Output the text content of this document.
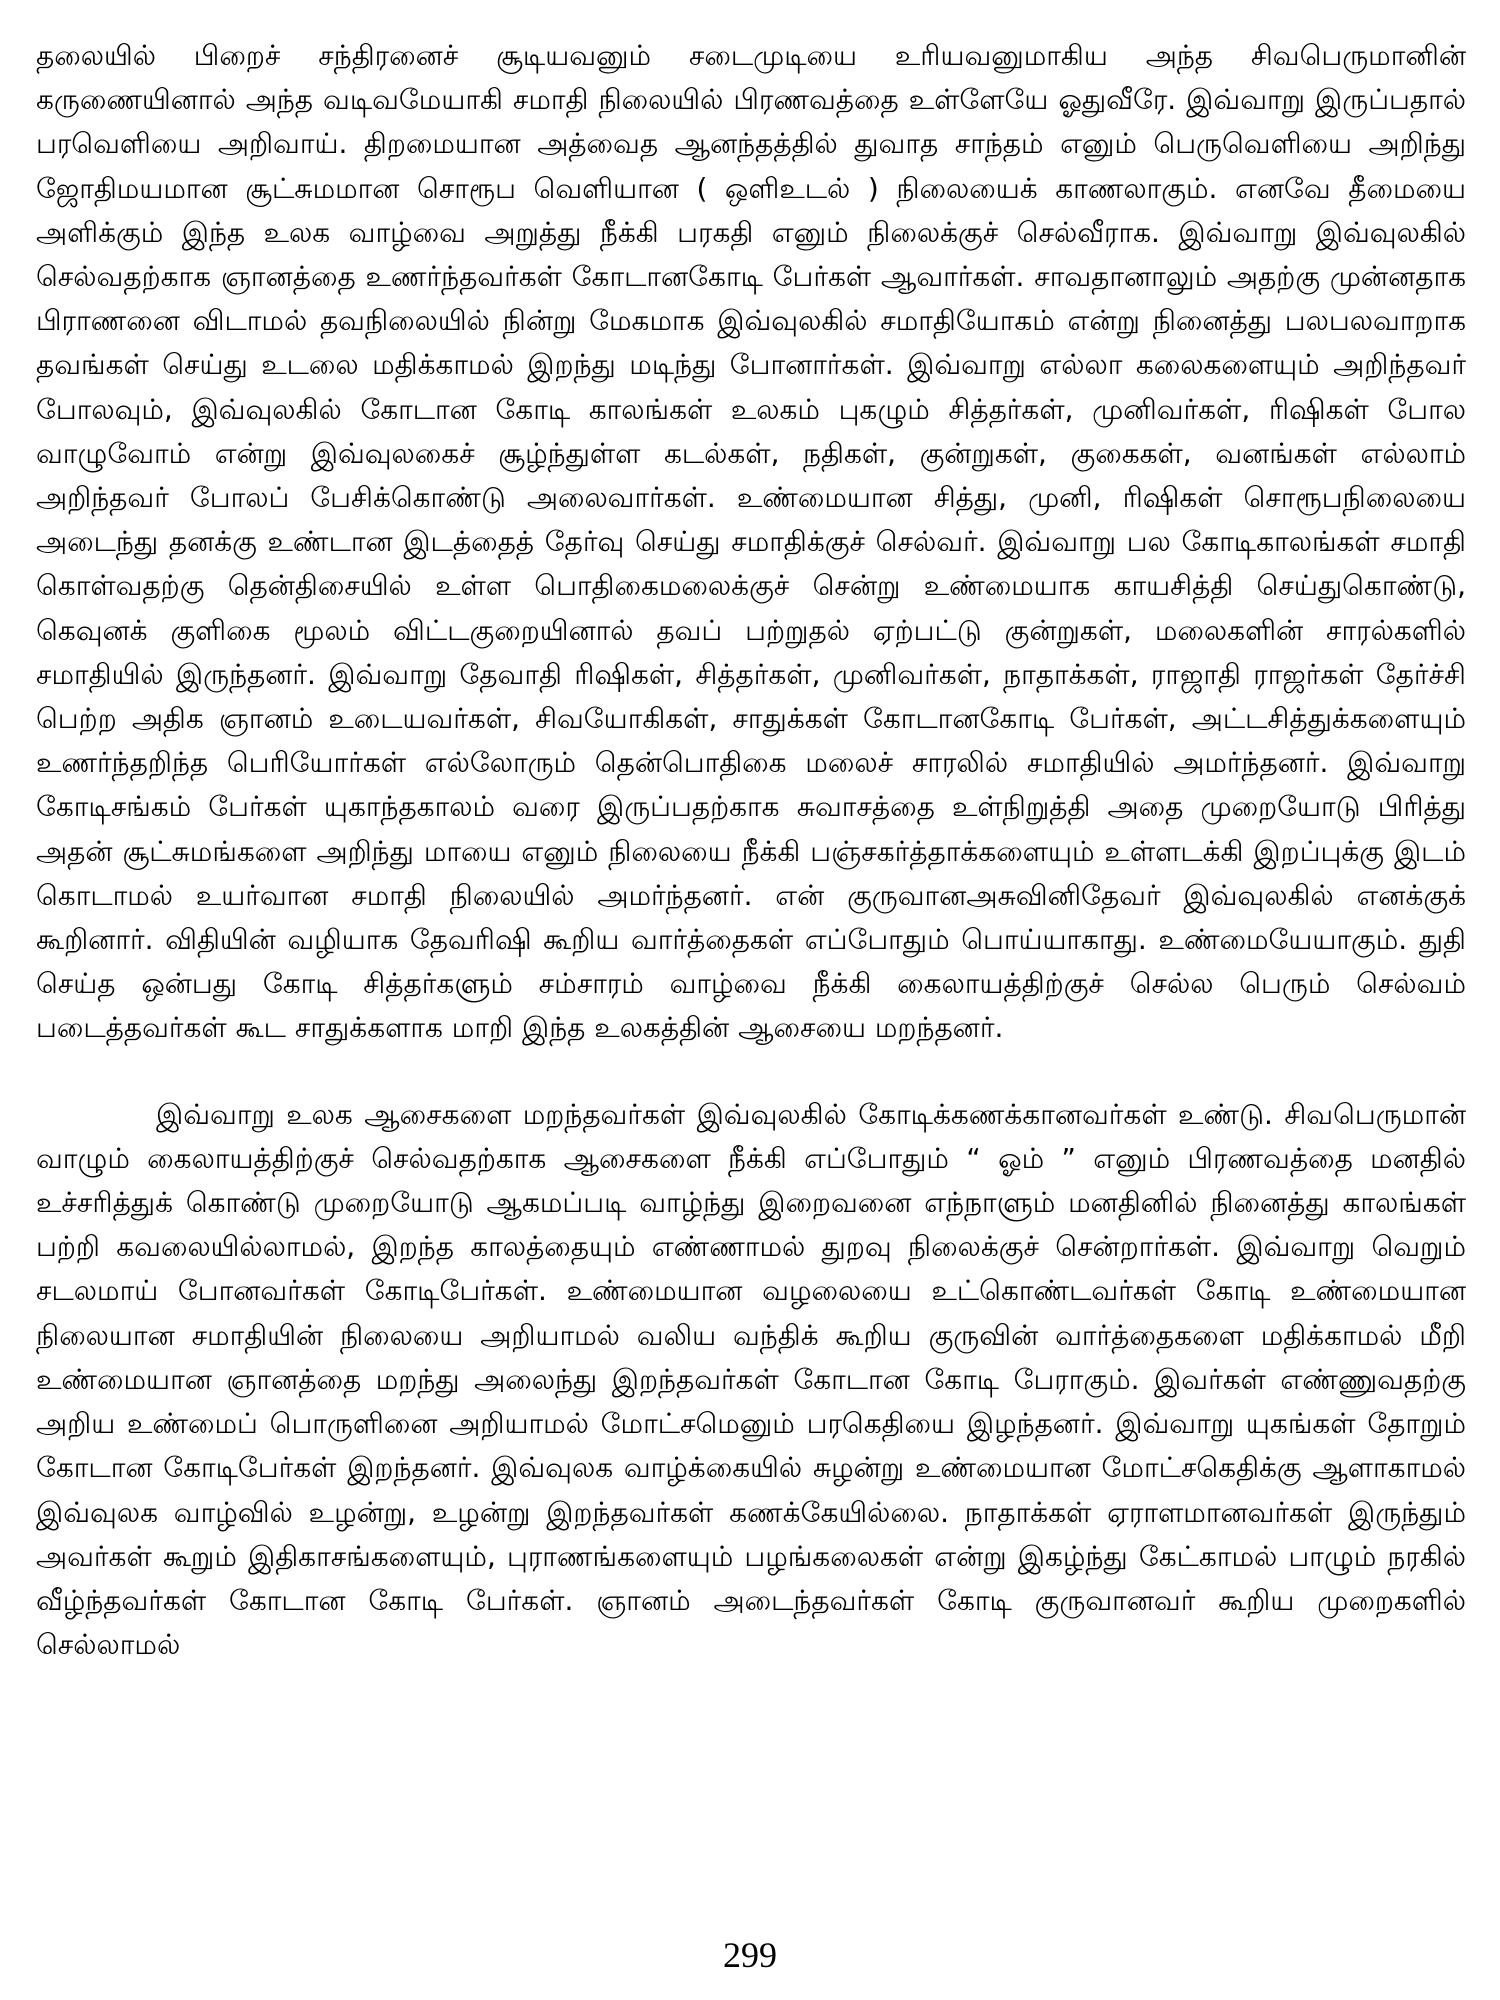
தலையில் பிறைச் சந்திரனைச் சூடியவனும் சடைமுடியை உரியவனுமாகிய அந்த சிவபெருமானின் கருணையினால் அந்த வடிவமேயாகி சமாதி நிலையில் பிரணவத்தை உள்ளேயே ஓதுவீரே. இவ்வாறு இருப்பதால் பரவெளியை அறிவாய். திறமையான அத்வைத ஆனந்தத்தில் துவாத சாந்தம் எனும் பெருவெளியை அறிந்து ஜோதிமயமான சூட்சுமமான சொரூப வெளியான ( ஒளிஉடல் ) நிலையைக் காணலாகும். எனவே தீமையை அளிக்கும் இந்த உலக வாழ்வை அறுத்து நீக்கி பரகதி எனும் நிலைக்குச் செல்வீராக. இவ்வாறு இவ்வுலகில் செல்வதற்காக ஞானத்தை உணர்ந்தவர்கள் கோடானகோடி பேர்கள் ஆவார்கள். சாவதானாலும் அதற்கு முன்னதாக பிராணனை விடாமல் தவநிலையில் நின்று மேகமாக இவ்வுலகில் சமாதியோகம் என்று நினைத்து பலபலவாறாக தவங்கள் செய்து உடலை மதிக்காமல் இறந்து மடிந்து போனார்கள். இவ்வாறு எல்லா கலைகளையும் அறிந்தவர் போலவும், இவ்வுலகில் கோடான கோடி காலங்கள் உலகம் புகழும் சித்தர்கள், முனிவர்கள், ரிஷிகள் போல வாழுவோம் என்று இவ்வுலகைச் சூழ்ந்துள்ள கடல்கள், நதிகள், குன்றுகள், குகைகள், வனங்கள் எல்லாம் அறிந்தவர் போலப் பேசிக்கொண்டு அலைவார்கள். உண்மையான சித்து, முனி, ரிஷிகள் சொரூபநிலையை அடைந்து தனக்கு உண்டான இடத்தைத் தேர்வு செய்து சமாதிக்குச் செல்வர். இவ்வாறு பல கோடிகாலங்கள் சமாதி கொள்வதற்கு தென்திசையில் உள்ள பொதிகைமலைக்குச் சென்று உண்மையாக காயசித்தி செய்துகொண்டு, கெவுனக் குளிகை மூலம் விட்டகுறையினால் தவப் பற்றுதல் ஏற்பட்டு குன்றுகள், மலைகளின் சாரல்களில் சமாதியில் இருந்தனர். இவ்வாறு தேவாதி ரிஷிகள், சித்தர்கள், முனிவர்கள், நாதாக்கள், ராஜாதி ராஜர்கள் தேர்ச்சி பெற்ற அதிக ஞானம் உடையவர்கள், சிவயோகிகள், சாதுக்கள் கோடானகோடி பேர்கள், அட்டசித்துக்களையும் உணர்ந்தறிந்த பெரியோர்கள் எல்லோரும் தென்பொதிகை மலைச் சாரலில் சமாதியில் அமர்ந்தனர். இவ்வாறு கோடிசங்கம் பேர்கள் யுகாந்தகாலம் வரை இருப்பதற்காக சுவாசத்தை உள்நிறுத்தி அதை முறையோடு பிரித்து அதன் சூட்சுமங்களை அறிந்து மாயை எனும் நிலையை நீக்கி பஞ்சகர்த்தாக்களையும் உள்ளடக்கி இறப்புக்கு இடம் கொடாமல் உயர்வான சமாதி நிலையில் அமர்ந்தனர். என் குருவானஅசுவினிதேவர் இவ்வுலகில் எனக்குக் கூறினார். விதியின் வழியாக தேவரிஷி கூறிய வார்த்தைகள் எப்போதும் பொய்யாகாது. உண்மையேயாகும். துதி செய்த ஒன்பது கோடி சித்தர்களும் சம்சாரம் வாழ்வை நீக்கி கைலாயத்திற்குச் செல்ல பெரும் செல்வம் படைத்தவர்கள் கூட சாதுக்களாக மாறி இந்த உலகத்தின் ஆசையை மறந்தனர்.

இவ்வாறு உலக ஆசைகளை மறந்தவர்கள் இவ்வுலகில் கோடிக்கணக்கானவர்கள் உண்டு. சிவபெருமான் வாழும் கைலாயத்திற்குச் செல்வதற்காக ஆசைகளை நீக்கி எப்போதும் “ ஓம் ” எனும் பிரணவத்தை மனதில் உச்சரித்துக் கொண்டு முறையோடு ஆகமப்படி வாழ்ந்து இறைவனை எந்நாளும் மனதினில் நினைத்து காலங்கள் பற்றி கவலையில்லாமல், இறந்த காலத்தையும் எண்ணாமல் துறவு நிலைக்குச் சென்றார்கள். இவ்வாறு வெறும் சடலமாய் போனவர்கள் கோடிபேர்கள். உண்மையான வழலையை உட்கொண்டவர்கள் கோடி உண்மையான நிலையான சமாதியின் நிலையை அறியாமல் வலிய வந்திக் கூறிய குருவின் வார்த்தைகளை மதிக்காமல் மீறி உண்மையான ஞானத்தை மறந்து அலைந்து இறந்தவர்கள் கோடான கோடி பேராகும். இவர்கள் எண்ணுவதற்கு அறிய உண்மைப் பொருளினை அறியாமல் மோட்சமெனும் பரகெதியை இழந்தனர். இவ்வாறு யுகங்கள் தோறும் கோடான கோடிபேர்கள் இறந்தனர். இவ்வுலக வாழ்க்கையில் சுழன்று உண்மையான மோட்சகெதிக்கு ஆளாகாமல் இவ்வுலக வாழ்வில் உழன்று, உழன்று இறந்தவர்கள் கணக்கேயில்லை. நாதாக்கள் ஏராளமானவர்கள் இருந்தும் அவர்கள் கூறும் இதிகாசங்களையும், புராணங்களையும் பழங்கலைகள் என்று இகழ்ந்து கேட்காமல் பாழும் நரகில் வீழ்ந்தவர்கள் கோடான கோடி பேர்கள். ஞானம் அடைந்தவர்கள் கோடி குருவானவர் கூறிய முறைகளில் செல்லாமல்

299
